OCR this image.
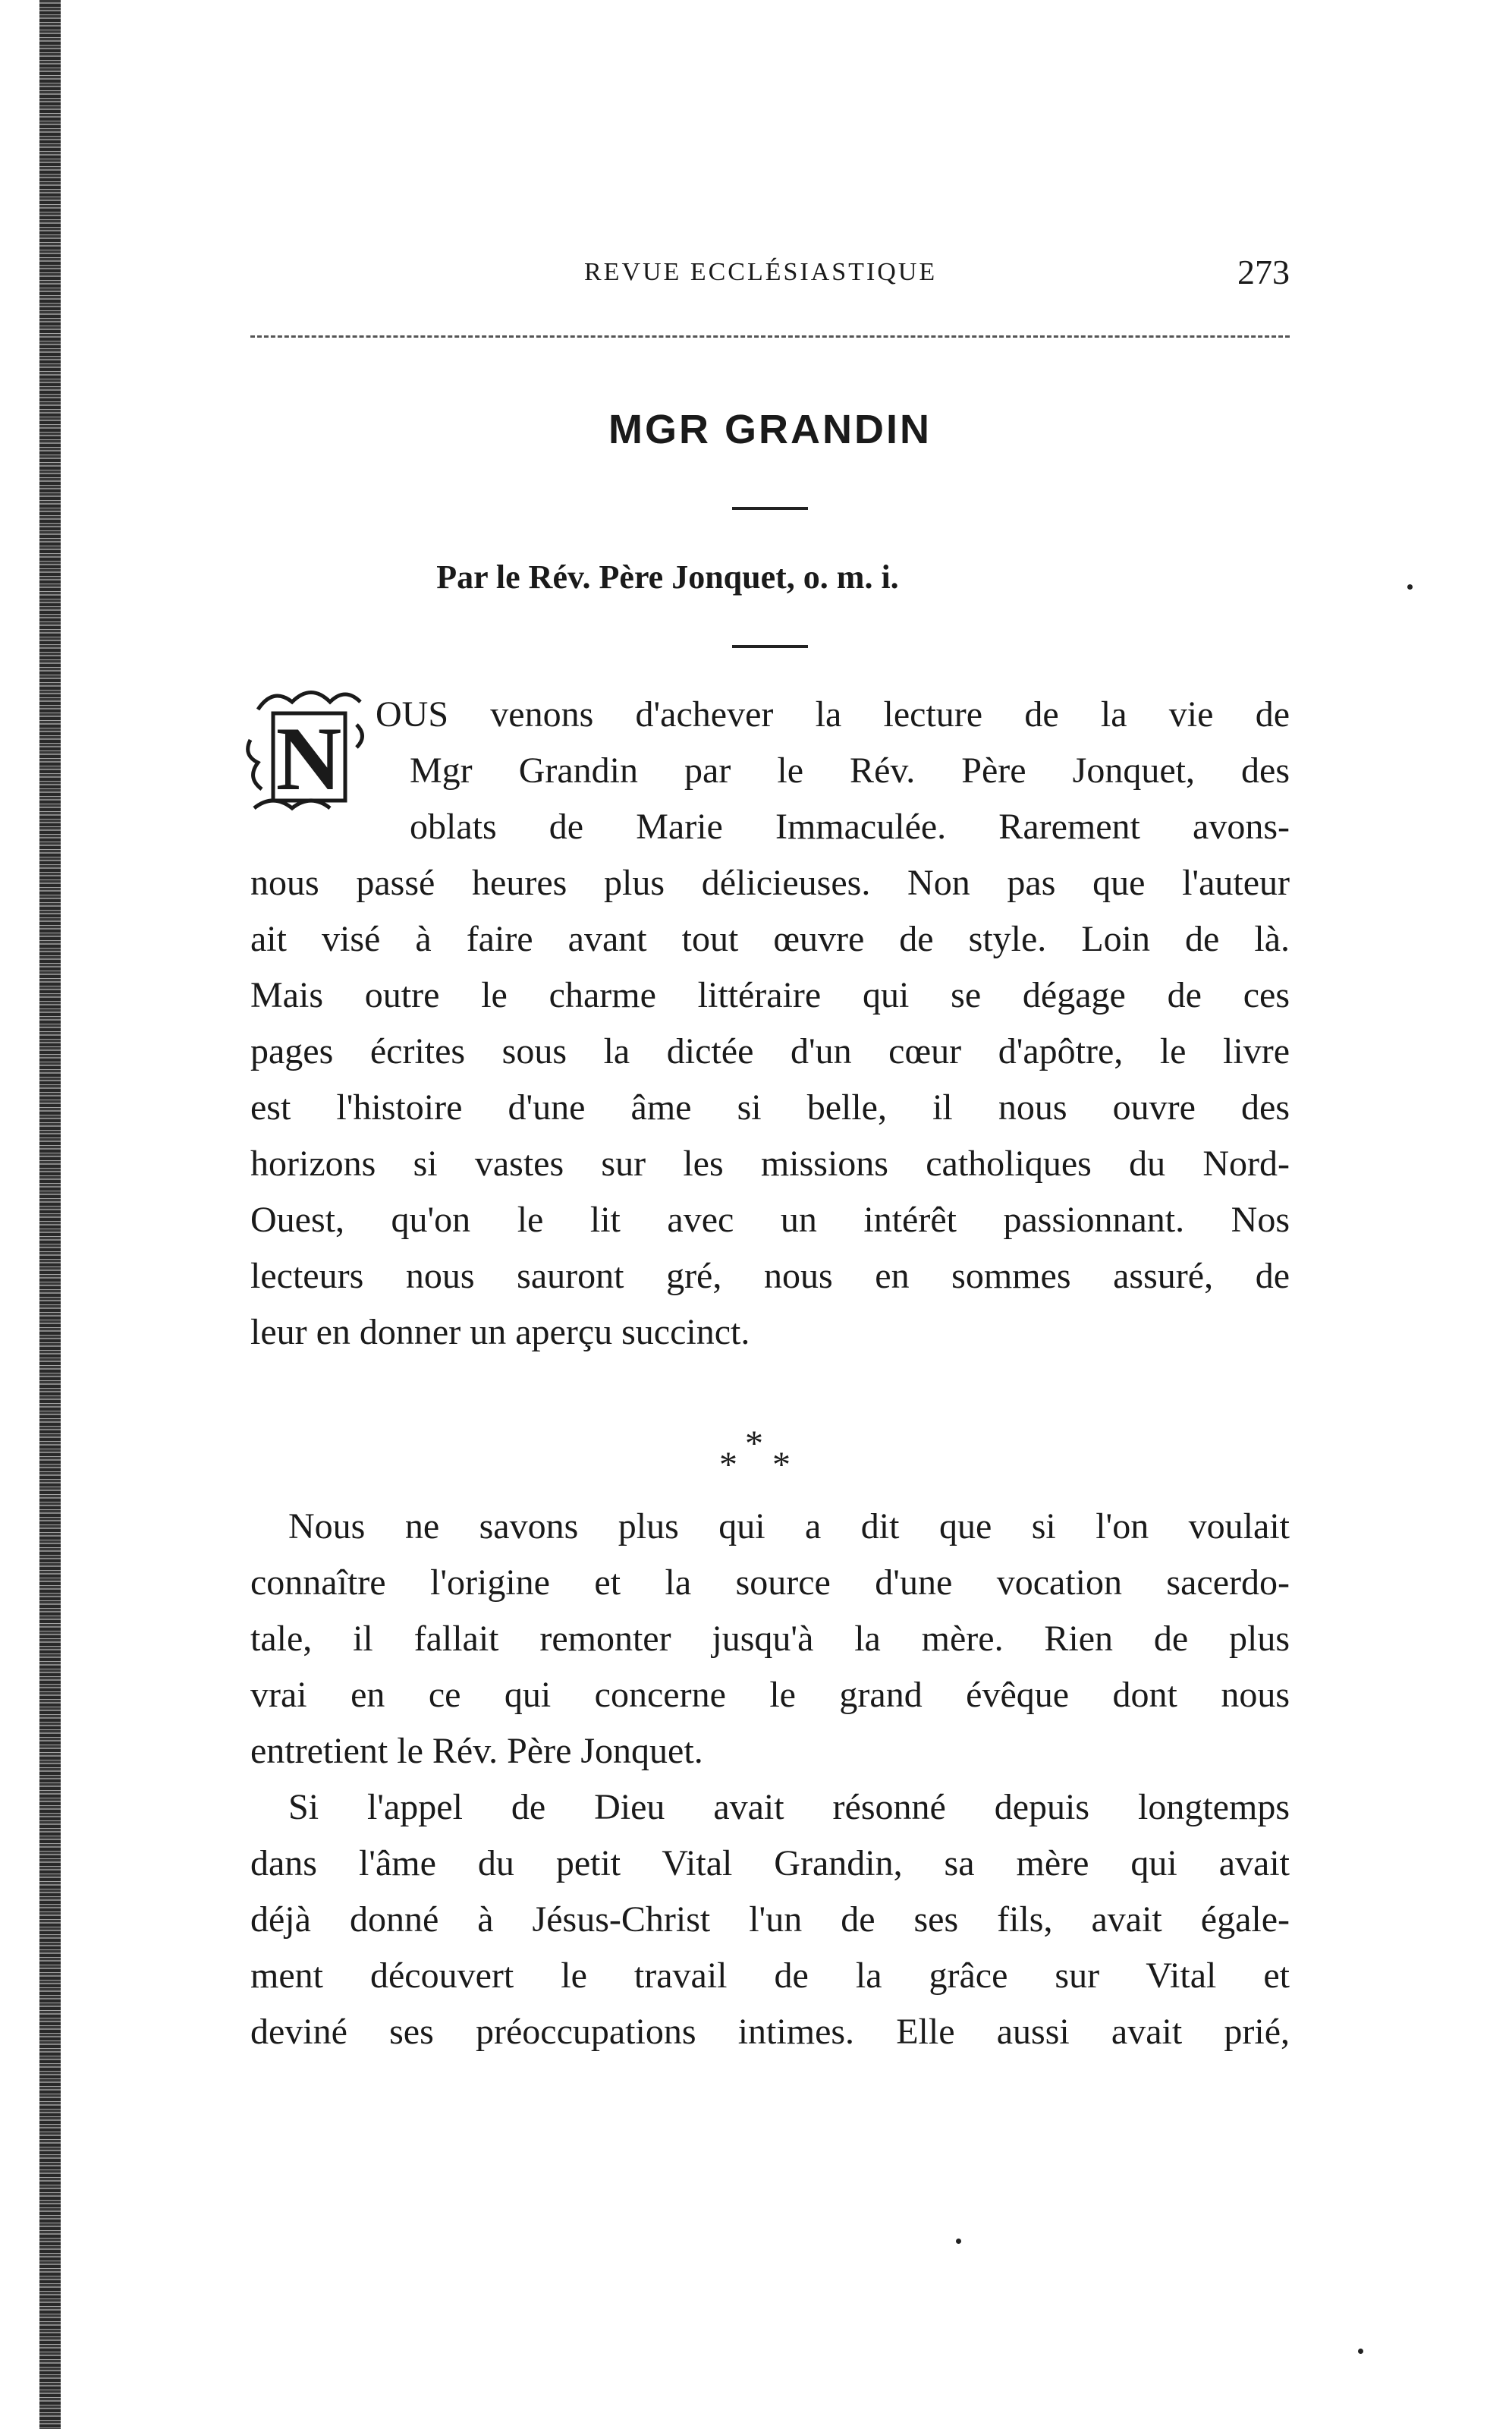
REVUE ECCLÉSIASTIQUE	273
MGR GRANDIN
Par le Rév. Père Jonquet, o. m. i.
N OUS venons d'achever la lecture de la vie de
Mgr Grandin par le Rév. Père Jonquet, des
oblats de Marie Immaculée. Rarement avons-
nous passé heures plus délicieuses. Non pas que l'auteur
ait visé à faire avant tout œuvre de style. Loin de là.
Mais outre le charme littéraire qui se dégage de ces
pages écrites sous la dictée d'un cœur d'apôtre, le livre
est l'histoire d'une âme si belle, il nous ouvre des
horizons si vastes sur les missions catholiques du Nord-
Ouest, qu'on le lit avec un intérêt passionnant. Nos
lecteurs nous sauront gré, nous en sommes assuré, de
leur en donner un aperçu succinct.
*
* *
Nous ne savons plus qui a dit que si l'on voulait
connaître l'origine et la source d'une vocation sacerdo-
tale, il fallait remonter jusqu'à la mère. Rien de plus
vrai en ce qui concerne le grand évêque dont nous
entretient le Rév. Père Jonquet.
Si l'appel de Dieu avait résonné depuis longtemps
dans l'âme du petit Vital Grandin, sa mère qui avait
déjà donné à Jésus-Christ l'un de ses fils, avait égale-
ment découvert le travail de la grâce sur Vital et
deviné ses préoccupations intimes. Elle aussi avait prié,
